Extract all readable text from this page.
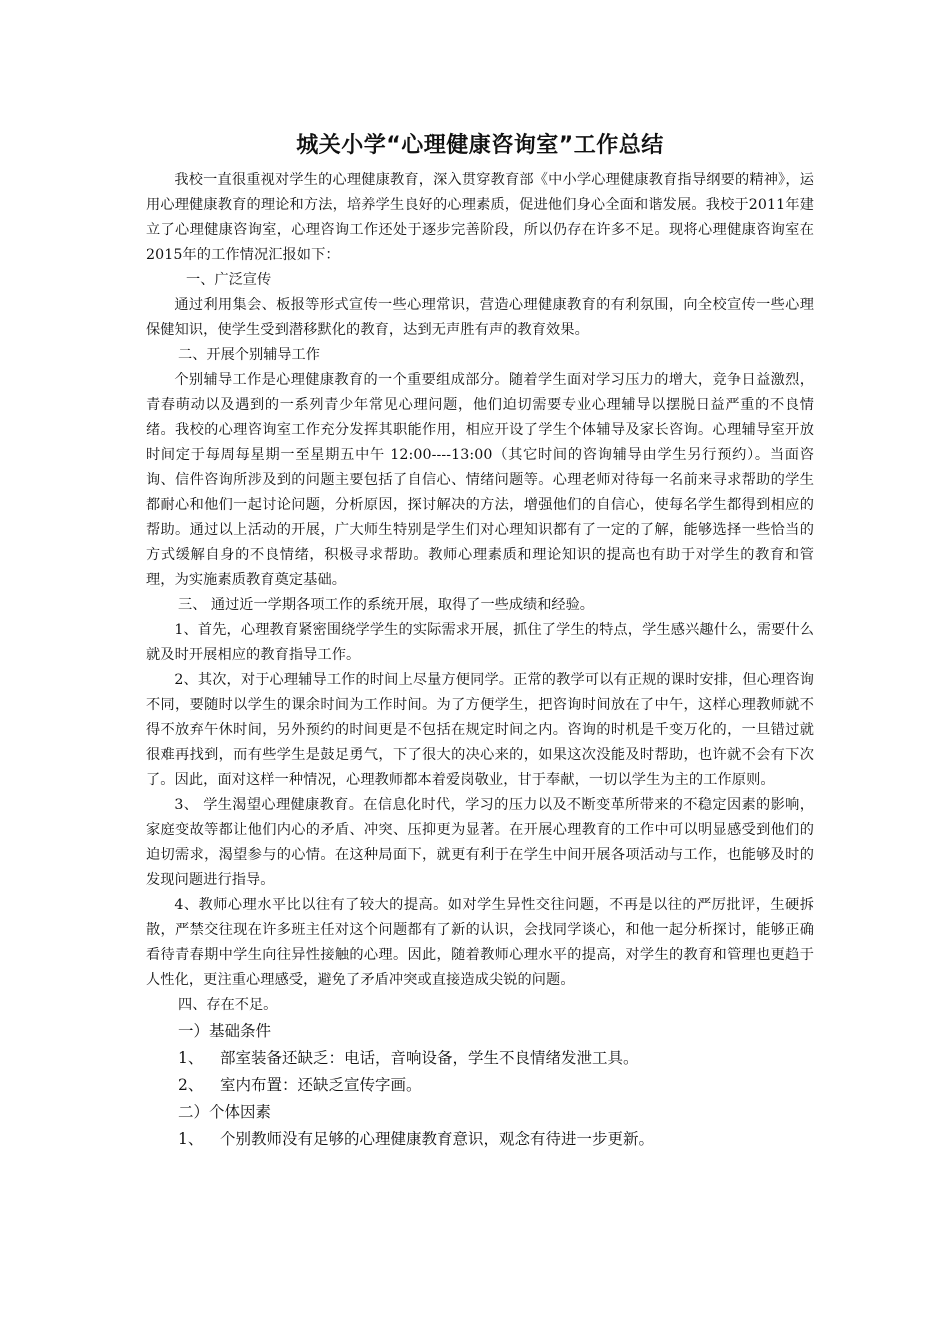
城关小学“心理健康咨询室”工作总结

我校一直很重视对学生的心理健康教育，深入贯穿教育部《中小学心理健康教育指导纲要的精神》，运用心理健康教育的理论和方法，培养学生良好的心理素质，促进他们身心全面和谐发展。我校于2011年建立了心理健康咨询室，心理咨询工作还处于逐步完善阶段，所以仍存在许多不足。现将心理健康咨询室在2015年的工作情况汇报如下：

一、广泛宣传

通过利用集会、板报等形式宣传一些心理常识，营造心理健康教育的有利氛围，向全校宣传一些心理保健知识，使学生受到潜移默化的教育，达到无声胜有声的教育效果。

二、开展个别辅导工作

个别辅导工作是心理健康教育的一个重要组成部分。随着学生面对学习压力的增大，竞争日益激烈，青春萌动以及遇到的一系列青少年常见心理问题，他们迫切需要专业心理辅导以摆脱日益严重的不良情绪。我校的心理咨询室工作充分发挥其职能作用，相应开设了学生个体辅导及家长咨询。心理辅导室开放时间定于每周每星期一至星期五中午 12:00----13:00（其它时间的咨询辅导由学生另行预约）。当面咨询、信件咨询所涉及到的问题主要包括了自信心、情绪问题等。心理老师对待每一名前来寻求帮助的学生都耐心和他们一起讨论问题，分析原因，探讨解决的方法，增强他们的自信心，使每名学生都得到相应的帮助。通过以上活动的开展，广大师生特别是学生们对心理知识都有了一定的了解，能够选择一些恰当的方式缓解自身的不良情绪，积极寻求帮助。教师心理素质和理论知识的提高也有助于对学生的教育和管理，为实施素质教育奠定基础。

三、 通过近一学期各项工作的系统开展，取得了一些成绩和经验。

1、首先，心理教育紧密围绕学学生的实际需求开展，抓住了学生的特点，学生感兴趣什么，需要什么就及时开展相应的教育指导工作。

2、其次，对于心理辅导工作的时间上尽量方便同学。正常的教学可以有正规的课时安排，但心理咨询不同，要随时以学生的课余时间为工作时间。为了方便学生，把咨询时间放在了中午，这样心理教师就不得不放弃午休时间，另外预约的时间更是不包括在规定时间之内。咨询的时机是千变万化的，一旦错过就很难再找到，而有些学生是鼓足勇气，下了很大的决心来的，如果这次没能及时帮助，也许就不会有下次了。因此，面对这样一种情况，心理教师都本着爱岗敬业，甘于奉献，一切以学生为主的工作原则。

3、 学生渴望心理健康教育。在信息化时代，学习的压力以及不断变革所带来的不稳定因素的影响，家庭变故等都让他们内心的矛盾、冲突、压抑更为显著。在开展心理教育的工作中可以明显感受到他们的迫切需求，渴望参与的心情。在这种局面下，就更有利于在学生中间开展各项活动与工作，也能够及时的发现问题进行指导。

4、教师心理水平比以往有了较大的提高。如对学生异性交往问题，不再是以往的严厉批评，生硬拆散，严禁交往现在许多班主任对这个问题都有了新的认识，会找同学谈心，和他一起分析探讨，能够正确看待青春期中学生向往异性接触的心理。因此，随着教师心理水平的提高，对学生的教育和管理也更趋于人性化，更注重心理感受，避免了矛盾冲突或直接造成尖锐的问题。

四、存在不足。

一）基础条件

1、 部室装备还缺乏：电话，音响设备，学生不良情绪发泄工具。

2、 室内布置：还缺乏宣传字画。

二）个体因素

1、 个别教师没有足够的心理健康教育意识，观念有待进一步更新。
